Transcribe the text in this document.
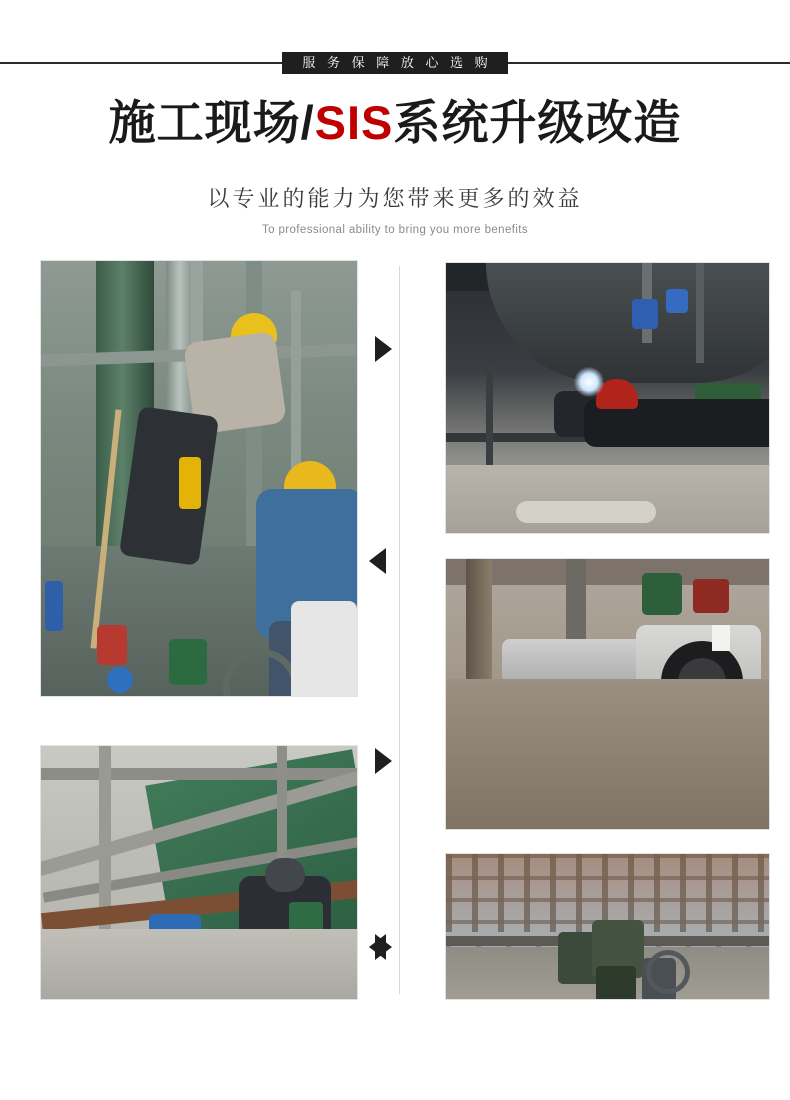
服 务 保 障 放 心 选 购
施工现场/SIS系统升级改造
以专业的能力为您带来更多的效益
To professional ability to bring you more benefits
